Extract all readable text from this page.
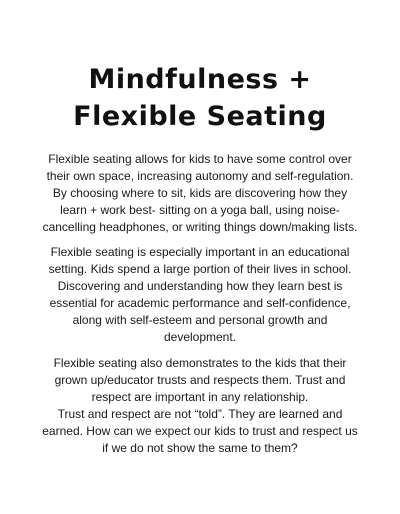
Mindfulness +
Flexible Seating

Flexible seating allows for kids to have some control over
their own space, increasing autonomy and self-regulation.
By choosing where to sit, kids are discovering how they
learn + work best- sitting on a yoga ball, using noise-
cancelling headphones, or writing things down/making lists.

Flexible seating is especially important in an educational
setting. Kids spend a large portion of their lives in school.
Discovering and understanding how they learn best is
essential for academic performance and self-confidence,
along with self-esteem and personal growth and
development.

Flexible seating also demonstrates to the kids that their
grown up/educator trusts and respects them. Trust and
respect are important in any relationship.
Trust and respect are not “told”. They are learned and
earned. How can we expect our kids to trust and respect us
if we do not show the same to them?
